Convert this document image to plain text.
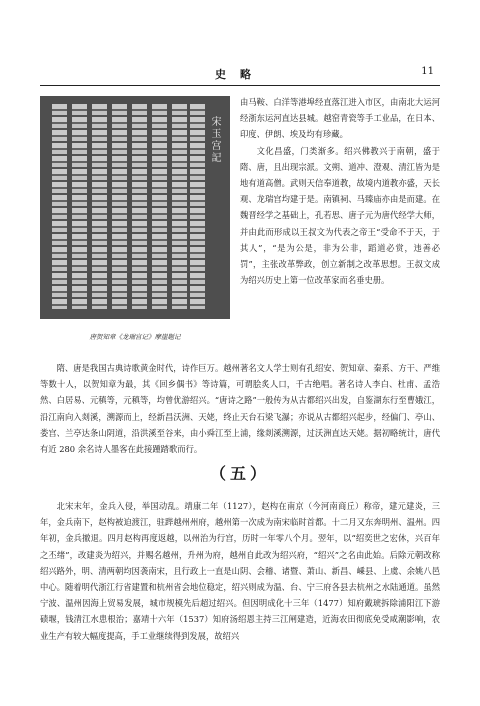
史略	11
宋玉宫記
唐贺知章《龙瑞宫记》摩崖题记

由马鞍、白洋等港埠经直落江进入市区，由南北大运河经浙东运河直达县城。越窑青瓷等手工业品，在日本、印度、伊朗、埃及均有珍藏。

文化昌盛，门类渐多。绍兴佛教兴于南朝，盛于隋、唐，且出现宗派。文朔、道冲、澄观、清江皆为是地有道高僧。武则天信奉道教，故境内道教亦盛，天长观、龙瑞宫均建于是。南镇祠、马臻庙亦由是而建。在魏晋经学之基础上，孔若思、唐子元为唐代经学大师，并由此而形成以王叔文为代表之帝王“受命不于天，于其人”，“是为公是，非为公非，蹈道必赏，违善必罚”，主张改革弊政，创立新制之改革思想。王叔文成为绍兴历史上第一位改革家而名垂史册。

隋、唐是我国古典诗歌黄金时代，诗作巨万。越州著名文人学士则有孔绍安、贺知章、秦系、方干、严维等数十人，以贺知章为最，其《回乡偶书》等诗篇，可谓脍炙人口，千古绝唱。著名诗人李白、杜甫、孟浩然、白居易、元稹等，元稹等，均曾优游绍兴。“唐诗之路”一般传为从古都绍兴出发，自鉴湖东行至曹娥江，沿江南向入剡溪，溯源而上，经新昌沃洲、天姥，终止天台石梁飞瀑；亦说从古都绍兴起步，经偏门、亭山、娄宫、兰亭达条山阴道，沿洪溪至谷来，由小舜江至上浦，缘剡溪溯源，过沃洲直达天姥。据初略统计，唐代有近 280 余名诗人墨客在此接踵踏歌而行。

（五）

北宋末年，金兵入侵，举国动乱。靖康二年（1127），赵构在南京（今河南商丘）称帝，建元建炎，三年，金兵南下，赵构被迫渡江，驻跸越州州府，越州第一次成为南宋临时首都。十二月又东奔明州、温州。四年初，金兵撤退。四月赵构再度返越，以州治为行宫，历时一年零八个月。翌年，以“绍奕世之宏休，兴百年之丕绪”，改建炎为绍兴，并赐名越州，升州为府，越州自此改为绍兴府，“绍兴”之名由此始。后除元朝改称绍兴路外，明、清两朝均因袭南宋，且行政上一直是山阴、会稽、诸暨、萧山、新昌、嵊县、上虞、余姚八邑中心。随着明代浙江行省建置和杭州省会地位稳定，绍兴则成为温、台、宁三府各县去杭州之水陆通道。虽然宁波、温州因海上贸易发展，城市规模先后超过绍兴。但因明成化十三年（1477）知府戴琥拆除浦阳江下游碛堰，钱清江水患根治；嘉靖十六年（1537）知府汤绍恩主持三江闸建造，近海农田彻底免受咸潮影响，农业生产有较大幅度提高，手工业继续得到发展，故绍兴
